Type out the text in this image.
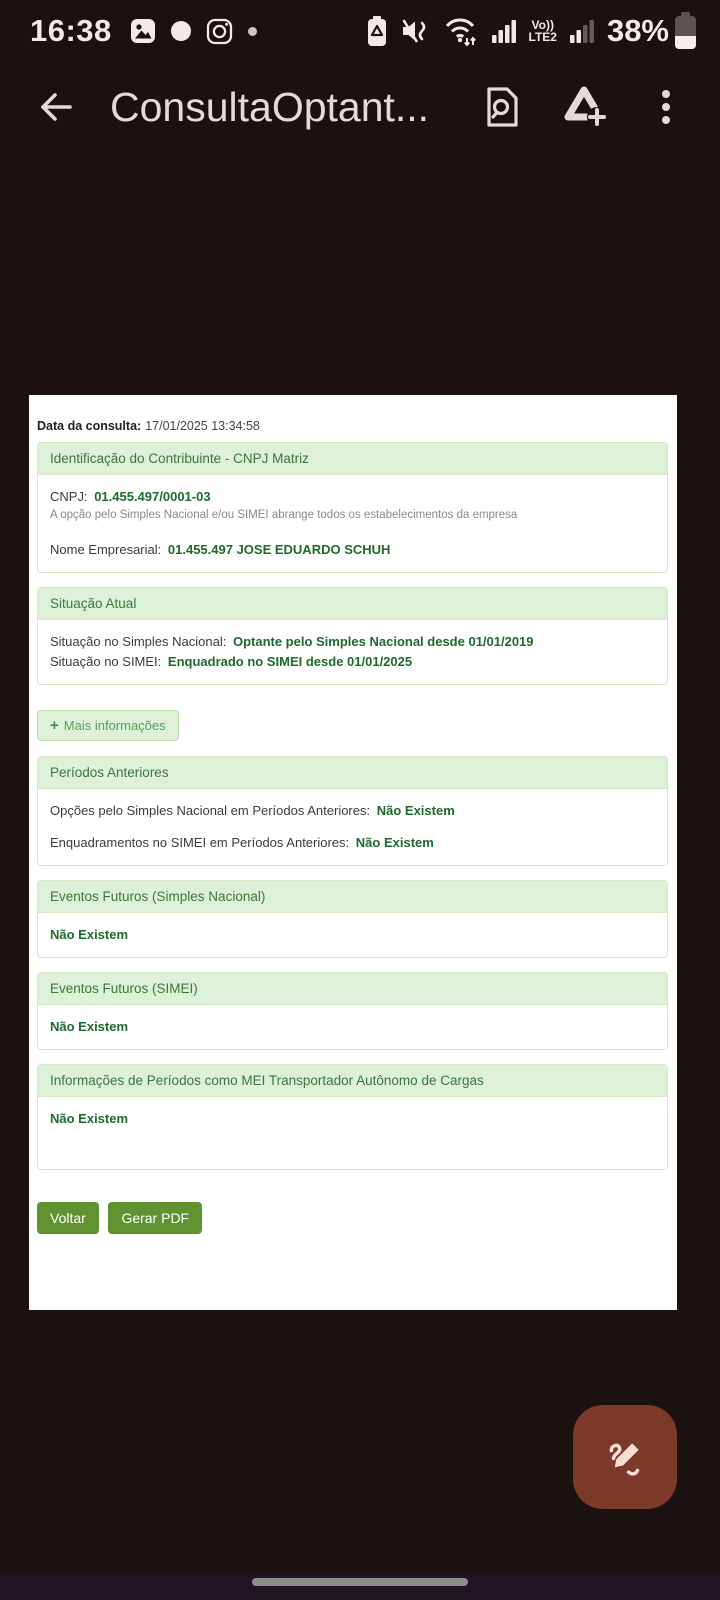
16:38	Vo))
LTE2 38%
ConsultaOptant...
Data da consulta: 17/01/2025 13:34:58
Identificação do Contribuinte - CNPJ Matriz
CNPJ: 01.455.497/0001-03
A opção pelo Simples Nacional e/ou SIMEI abrange todos os estabelecimentos da empresa
Nome Empresarial: 01.455.497 JOSE EDUARDO SCHUH
Situação Atual
Situação no Simples Nacional: Optante pelo Simples Nacional desde 01/01/2019
Situação no SIMEI: Enquadrado no SIMEI desde 01/01/2025
+ Mais informações
Períodos Anteriores
Opções pelo Simples Nacional em Períodos Anteriores: Não Existem
Enquadramentos no SIMEI em Períodos Anteriores: Não Existem
Eventos Futuros (Simples Nacional)
Não Existem
Eventos Futuros (SIMEI)
Não Existem
Informações de Períodos como MEI Transportador Autônomo de Cargas
Não Existem
Voltar	Gerar PDF
